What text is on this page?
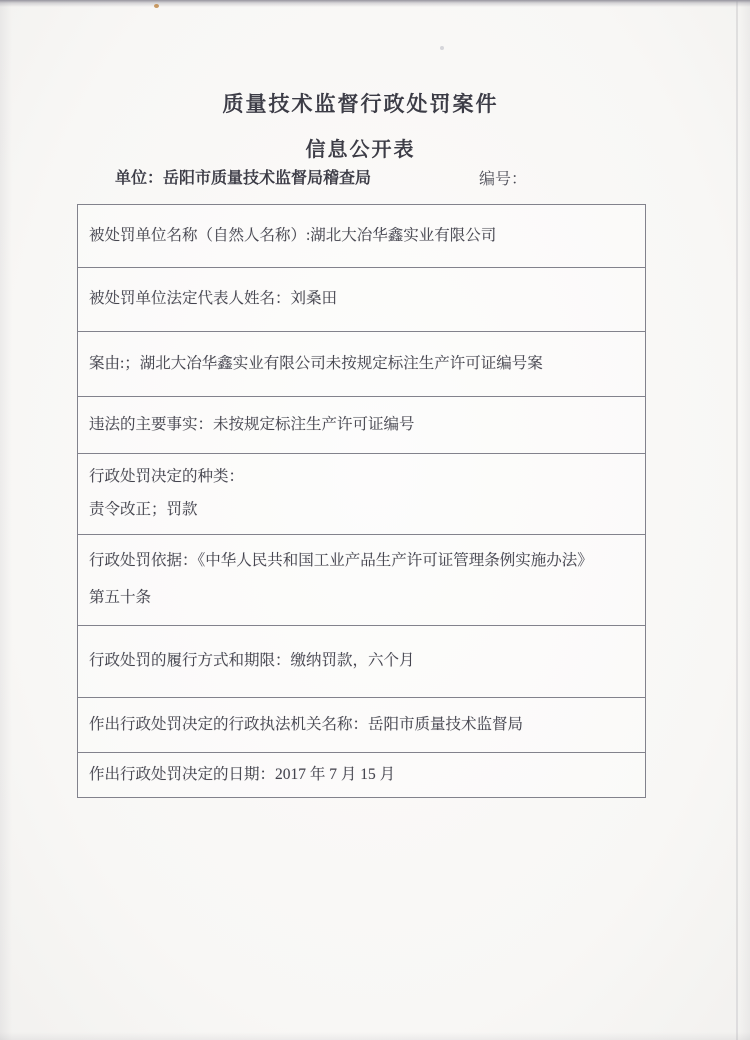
质量技术监督行政处罚案件
信息公开表
单位：岳阳市质量技术监督局稽查局	编号：
被处罚单位名称（自然人名称）:湖北大冶华鑫实业有限公司
被处罚单位法定代表人姓名：刘桑田
案由:；湖北大冶华鑫实业有限公司未按规定标注生产许可证编号案
违法的主要事实：未按规定标注生产许可证编号
行政处罚决定的种类：
责令改正；罚款
行政处罚依据：《中华人民共和国工业产品生产许可证管理条例实施办法》
第五十条
行政处罚的履行方式和期限：缴纳罚款，六个月
作出行政处罚决定的行政执法机关名称：岳阳市质量技术监督局
作出行政处罚决定的日期：2017 年 7 月 15 月
